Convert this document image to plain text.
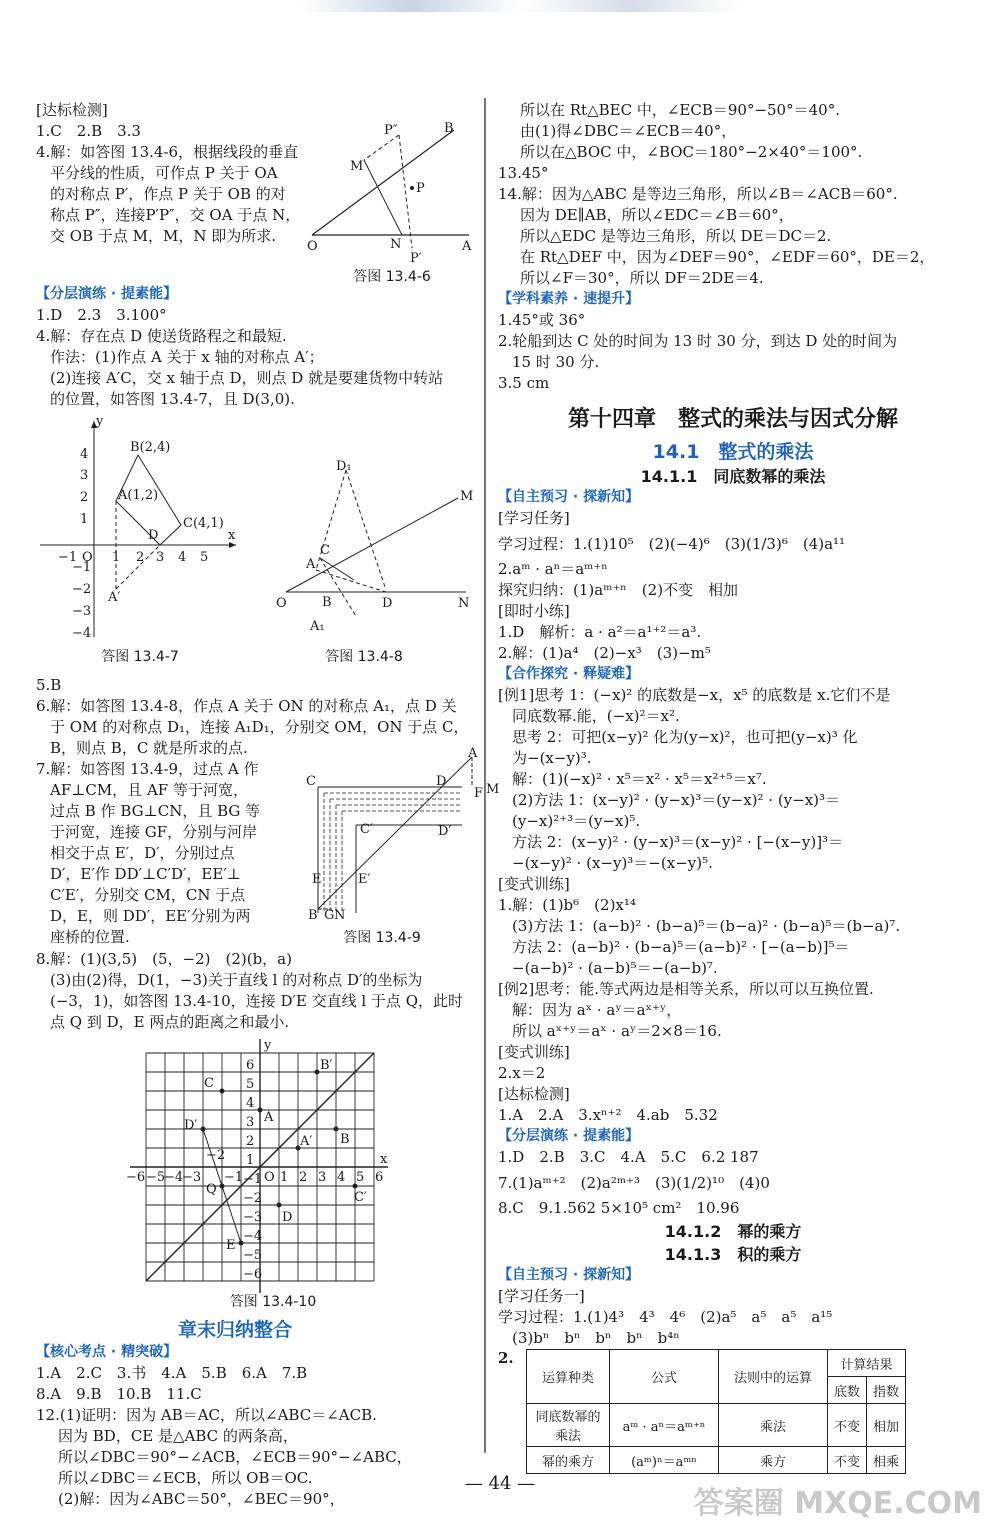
[达标检测]
1.C　2.B　3.3
4.解：如答图 13.4-6，根据线段的垂直
平分线的性质，可作点 P 关于 OA
的对称点 P′，作点 P 关于 OB 的对
称点 P″，连接P′P″，交 OA 于点 N，
交 OB 于点 M，M，N 即为所求.
O	A
B
P″
P
P′
M
N
答图 13.4-6
【分层演练 · 提素能】
1.D　2.3　3.100°
4.解：存在点 D 使送货路程之和最短.
作法：(1)作点 A 关于 x 轴的对称点 A′；
(2)连接 A′C，交 x 轴于点 D，则点 D 就是要建货物中转站
的位置，如答图 13.4-7，且 D(3,0).
B(2,4)
A(1,2)
C(4,1)
D
A′
y
x
O
−1	1 2 3 4 5
4
3
2
1
−1
−2
−3
−4
O	N
M
D₁
A
C
B	D
A₁
答图 13.4-7	答图 13.4-8
5.B
6.解：如答图 13.4-8，作点 A 关于 ON 的对称点 A₁，点 D 关
于 OM 的对称点 D₁，连接 A₁D₁，分别交 OM，ON 于点 C，
B，则点 B，C 就是所求的点.
7.解：如答图 13.4-9，过点 A 作
AF⊥CM，且 AF 等于河宽，
过点 B 作 BG⊥CN，且 BG 等
于河宽，连接 GF，分别与河岸
相交于点 E′，D′，分别过点
D′，E′作 DD′⊥C′D′，EE′⊥
C′E′，分别交 CM，CN 于点
D，E，则 DD′，EE′分别为两
座桥的位置.
A
C	D
F M
C′	D′
E	E′
B G N
答图 13.4-9
8.解：(1)(3,5)　(5，−2)　(2)(b，a)
(3)由(2)得，D(1，−3)关于直线 l 的对称点 D′的坐标为
(−3，1)，如答图 13.4-10，连接 D′E 交直线 l 于点 Q，此时
点 Q 到 D，E 两点的距离之和最小.
B′
C
A
B
A′
C′
D
E
Q
D′
y
x
O
6
5
4
3
2
1
−1
−2
−3
−4
−5
−6
−6 −5
−4
−3
−2
−1	1 2 3 4 5 6
答图 13.4-10
章末归纳整合
【核心考点 · 精突破】
1.A　2.C　3.书　4.A　5.B　6.A　7.B
8.A　9.B　10.B　11.C
12.(1)证明：因为 AB＝AC，所以∠ABC＝∠ACB.
因为 BD，CE 是△ABC 的两条高，
所以∠DBC＝90°−∠ACB，∠ECB＝90°−∠ABC，
所以∠DBC＝∠ECB，所以 OB＝OC.
(2)解：因为∠ABC＝50°，∠BEC＝90°，
所以在 Rt△BEC 中，∠ECB＝90°−50°＝40°.
由(1)得∠DBC＝∠ECB＝40°，
所以在△BOC 中，∠BOC＝180°−2×40°＝100°.
13.45°
14.解：因为△ABC 是等边三角形，所以∠B＝∠ACB＝60°.
因为 DE∥AB，所以∠EDC＝∠B＝60°，
所以△EDC 是等边三角形，所以 DE＝DC＝2.
在 Rt△DEF 中，因为∠DEF＝90°，∠EDF＝60°，DE＝2，
所以∠F＝30°，所以 DF＝2DE＝4.
【学科素养 · 速提升】
1.45°或 36°
2.轮船到达 C 处的时间为 13 时 30 分，到达 D 处的时间为
15 时 30 分.
3.5 cm
第十四章　整式的乘法与因式分解
14.1　整式的乘法
14.1.1　同底数幂的乘法
【自主预习 · 探新知】
[学习任务]
学习过程：1.(1)10⁵　(2)(−4)⁶　(3)(1/3)⁶　(4)a¹¹
2.aᵐ · aⁿ＝aᵐ⁺ⁿ
探究归纳：(1)aᵐ⁺ⁿ　(2)不变　相加
[即时小练]
1.D　解析：a · a²＝a¹⁺²＝a³.
2.解：(1)a⁴　(2)−x³　(3)−m⁵
【合作探究 · 释疑难】
[例1]思考 1：(−x)² 的底数是−x，x⁵ 的底数是 x.它们不是
同底数幂.能，(−x)²＝x².
思考 2：可把(x−y)² 化为(y−x)²，也可把(y−x)³ 化
为−(x−y)³.
解：(1)(−x)² · x⁵＝x² · x⁵＝x²⁺⁵＝x⁷.
(2)方法 1：(x−y)² · (y−x)³＝(y−x)² · (y−x)³＝
(y−x)²⁺³＝(y−x)⁵.
方法 2：(x−y)² · (y−x)³＝(x−y)² · [−(x−y)]³＝
−(x−y)² · (x−y)³＝−(x−y)⁵.
[变式训练]
1.解：(1)b⁶　(2)x¹⁴
(3)方法 1：(a−b)² · (b−a)⁵＝(b−a)² · (b−a)⁵＝(b−a)⁷.
方法 2：(a−b)² · (b−a)⁵＝(a−b)² · [−(a−b)]⁵＝
−(a−b)² · (a−b)⁵＝−(a−b)⁷.
[例2]思考：能.等式两边是相等关系，所以可以互换位置.
解：因为 aˣ · aʸ＝aˣ⁺ʸ，
所以 aˣ⁺ʸ＝aˣ · aʸ＝2×8＝16.
[变式训练]
2.x＝2
[达标检测]
1.A　2.A　3.xⁿ⁺²　4.ab　5.32
【分层演练 · 提素能】
1.D　2.B　3.C　4.A　5.C　6.2 187
7.(1)aᵐ⁺²　(2)a²ᵐ⁺³　(3)(1/2)¹⁰　(4)0
8.C　9.1.562 5×10⁵ cm²　10.96
14.1.2　幂的乘方
14.1.3　积的乘方
【自主预习 · 探新知】
[学习任务一]
学习过程：1.(1)4³　4³　4⁶　(2)a⁵　a⁵　a⁵　a¹⁵
(3)bⁿ　bⁿ　bⁿ　bⁿ　b⁴ⁿ
2.
运算种类	公式	法则中的运算	计算结果	
			底数	指数
同底数幂的乘法	aᵐ · aⁿ＝aᵐ⁺ⁿ	乘法	不变	相加
幂的乘方	(aᵐ)ⁿ＝aᵐⁿ	乘方	不变	相乘
— 44 —
答案圈 MXQE.COM
